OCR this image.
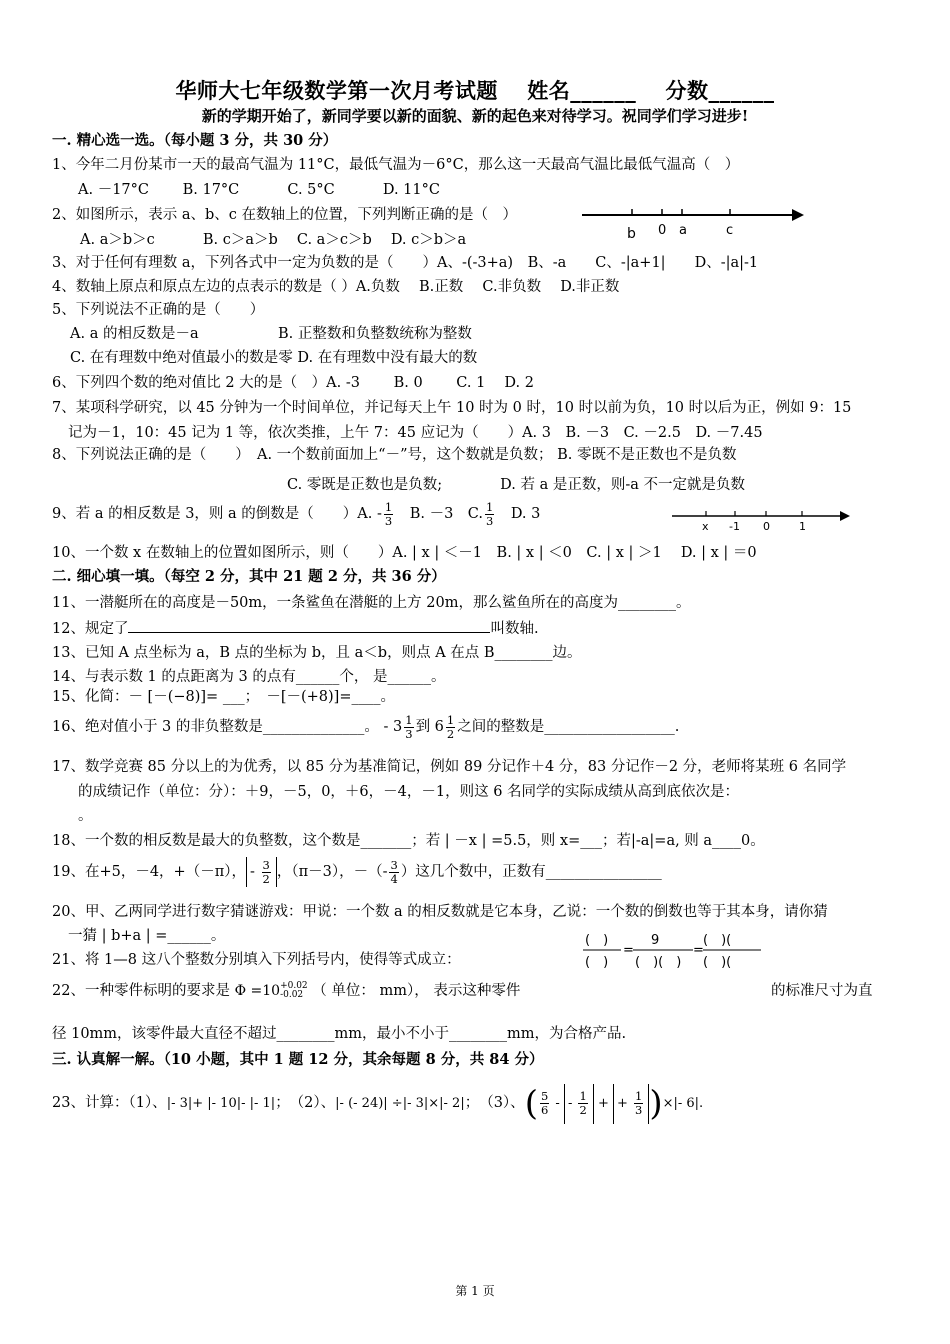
华师大七年级数学第一次月考试题　 姓名______　 分数______
新的学期开始了，新同学要以新的面貌、新的起色来对待学习。祝同学们学习进步!
一. 精心选一选。（每小题 3 分，共 30 分）
1、今年二月份某市一天的最高气温为 11°C，最低气温为－6°C，那么这一天最高气温比最低气温高（　）
A. －17°C　　 B. 17°C　　　 C. 5°C　　　 D. 11°C
2、如图所示，表示 a、b、c 在数轴上的位置，下列判断正确的是（　）
b 0 a	c
A. a＞b＞c　　　 B. c＞a＞b　 C. a＞c＞b　 D. c＞b＞a
3、对于任何有理数 a，下列各式中一定为负数的是（　　）A、-(-3+a)　B、-a　　C、-|a+1|　　D、-|a|-1
4、数轴上原点和原点左边的点表示的数是（ ）A.负数　 B.正数　 C.非负数　 D.非正数
5、下列说法不正确的是（　　）
A. a 的相反数是－a	B. 正整数和负整数统称为整数
C. 在有理数中绝对值最小的数是零 D. 在有理数中没有最大的数
6、下列四个数的绝对值比 2 大的是（　）A. -3　　 B. 0　　 C. 1　 D. 2
7、某项科学研究，以 45 分钟为一个时间单位，并记每天上午 10 时为 0 时，10 时以前为负，10 时以后为正，例如 9：15
记为－1，10：45 记为 1 等，依次类推，上午 7：45 应记为（　　）A. 3　B. －3　C. －2.5　D. －7.45
8、下列说法正确的是（　　）　A. 一个数前面加上“－”号，这个数就是负数； B. 零既不是正数也不是负数
C. 零既是正数也是负数;　　　　D. 若 a 是正数，则-a 不一定就是负数
9、若 a 的相反数是 3，则 a 的倒数是（　　）A. - $\frac{1}{3}$ 　B. －3　C. $\frac{1}{3}$ 　D. 3
x -1 0	1
10、一个数 x 在数轴上的位置如图所示，则（　　）A. | x | ＜－1　B. | x | ＜0　C. | x | ＞1　 D. | x | ＝0
二. 细心填一填。（每空 2 分，其中 21 题 2 分，共 36 分）
11、一潜艇所在的高度是－50m，一条鲨鱼在潜艇的上方 20m，那么鲨鱼所在的高度为________。
12、规定了	叫数轴.
13、已知 A 点坐标为 a，B 点的坐标为 b，且 a＜b，则点 A 在点 B________边。
14、与表示数 1 的点距离为 3 的点有______个， 是______。
15、化简：－ [－(−8)]= ___；　－[－(+8)]=____。
16、绝对值小于 3 的非负整数是______________。 - $3 \frac{1}{3}$ 到 $6 \frac{1}{2}$ 之间的整数是__________________.
17、数学竞赛 85 分以上的为优秀，以 85 分为基准简记，例如 89 分记作＋4 分，83 分记作－2 分，老师将某班 6 名同学
的成绩记作（单位：分）：＋9，－5，0，＋6，－4，－1，则这 6 名同学的实际成绩从高到底依次是：
。
18、一个数的相反数是最大的负整数，这个数是_______；若 | －x | =5.5，则 x=___；若|-a|=a, 则 a____0。
19、在+5，－4，+（－π）， - $\frac{3}{2}$ ，（π－3），－（- $\frac{3}{4}$ ）这几个数中，正数有________________
20、甲、乙两同学进行数字猜谜游戏：甲说：一个数 a 的相反数就是它本身，乙说：一个数的倒数也等于其本身，请你猜
一猜 | b+a | =______。
21、将 1—8 这八个整数分别填入下列括号内，使得等式成立：
(　)
(　)
=
9
(　)(　)
=
(　)(
(　)(
22、一种零件标明的要求是 Φ =10 +0.02
-0.02 （ 单位： mm）， 表示这种零件	的标准尺寸为直
径 10mm，该零件最大直径不超过________mm，最小不小于________mm，为合格产品.
三. 认真解一解。（10 小题，其中 1 题 12 分，其余每题 8 分，共 84 分）
23、计算：（1）、|- 3|+ |- 10|- |- 1|；　（2）、|- (- 24)| ÷|- 3|×|- 2|；　（3）、( $\frac{5}{6}$ - - $\frac{1}{2}$ + + $\frac{1}{3}$ )×|- 6|.
第 1 页
